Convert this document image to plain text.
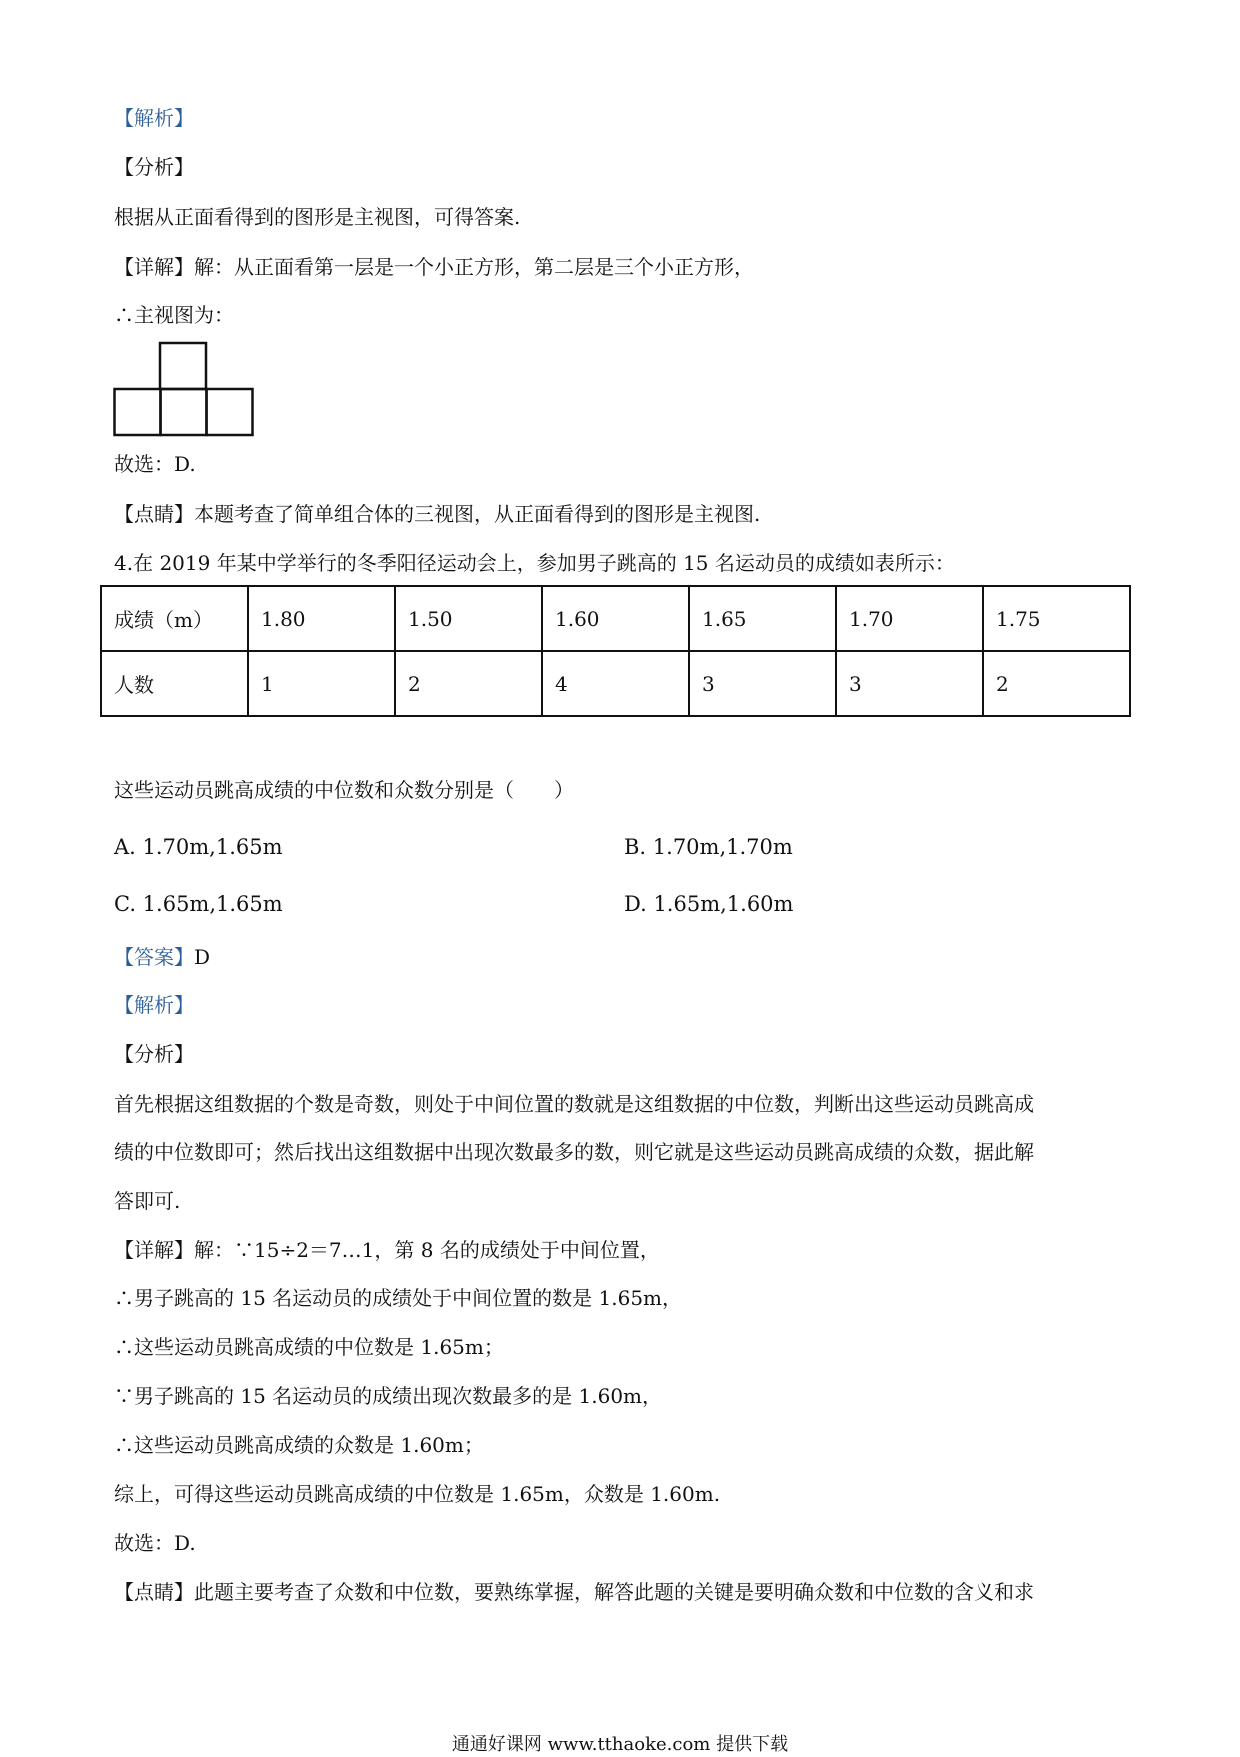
【解析】
【分析】
根据从正面看得到的图形是主视图，可得答案.
【详解】解：从正面看第一层是一个小正方形，第二层是三个小正方形，
∴主视图为：
故选：D.
【点睛】本题考查了简单组合体的三视图，从正面看得到的图形是主视图.
4.在 2019 年某中学举行的冬季阳径运动会上，参加男子跳高的 15 名运动员的成绩如表所示：
成绩（m）	1.80	1.50	1.60	1.65	1.70	1.75
人数	1	2	4	3	3	2
这些运动员跳高成绩的中位数和众数分别是（　　）
A. 1.70m,1.65m	B. 1.70m,1.70m
C. 1.65m,1.65m	D. 1.65m,1.60m
【答案】D
【解析】
【分析】
首先根据这组数据的个数是奇数，则处于中间位置的数就是这组数据的中位数，判断出这些运动员跳高成
绩的中位数即可；然后找出这组数据中出现次数最多的数，则它就是这些运动员跳高成绩的众数，据此解
答即可.
【详解】解：∵15÷2＝7…1，第 8 名的成绩处于中间位置，
∴男子跳高的 15 名运动员的成绩处于中间位置的数是 1.65m，
∴这些运动员跳高成绩的中位数是 1.65m；
∵男子跳高的 15 名运动员的成绩出现次数最多的是 1.60m，
∴这些运动员跳高成绩的众数是 1.60m；
综上，可得这些运动员跳高成绩的中位数是 1.65m，众数是 1.60m.
故选：D.
【点睛】此题主要考查了众数和中位数，要熟练掌握，解答此题的关键是要明确众数和中位数的含义和求
通通好课网 www.tthaoke.com 提供下载
